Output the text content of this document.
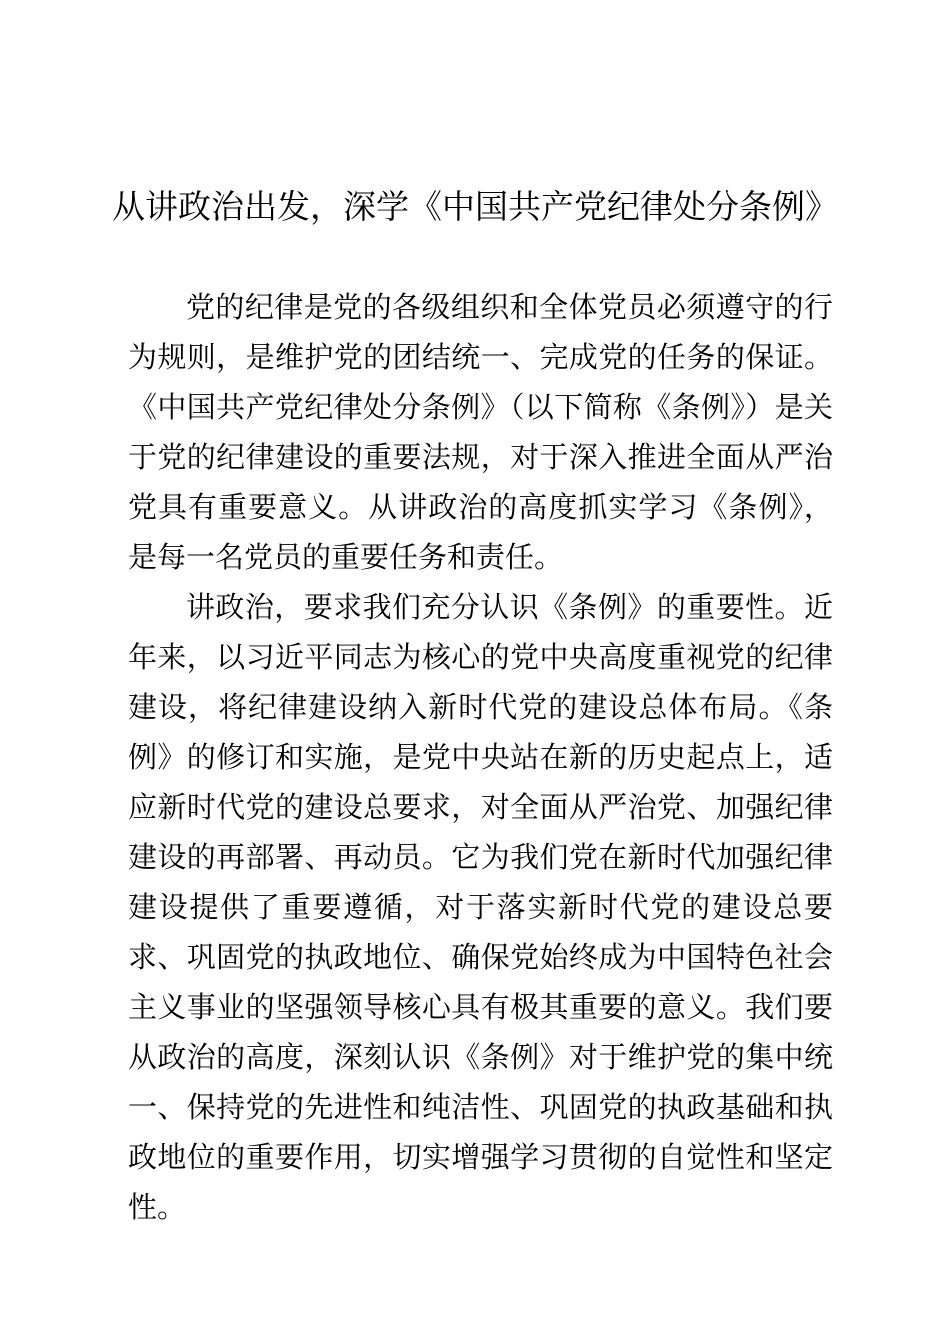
从讲政治出发，深学《中国共产党纪律处分条例》

党的纪律是党的各级组织和全体党员必须遵守的行为规则，是维护党的团结统一、完成党的任务的保证。《中国共产党纪律处分条例》（以下简称《条例》）是关于党的纪律建设的重要法规，对于深入推进全面从严治党具有重要意义。从讲政治的高度抓实学习《条例》，是每一名党员的重要任务和责任。

讲政治，要求我们充分认识《条例》的重要性。近年来，以习近平同志为核心的党中央高度重视党的纪律建设，将纪律建设纳入新时代党的建设总体布局。《条例》的修订和实施，是党中央站在新的历史起点上，适应新时代党的建设总要求，对全面从严治党、加强纪律建设的再部署、再动员。它为我们党在新时代加强纪律建设提供了重要遵循，对于落实新时代党的建设总要求、巩固党的执政地位、确保党始终成为中国特色社会主义事业的坚强领导核心具有极其重要的意义。我们要从政治的高度，深刻认识《条例》对于维护党的集中统一、保持党的先进性和纯洁性、巩固党的执政基础和执政地位的重要作用，切实增强学习贯彻的自觉性和坚定性。
